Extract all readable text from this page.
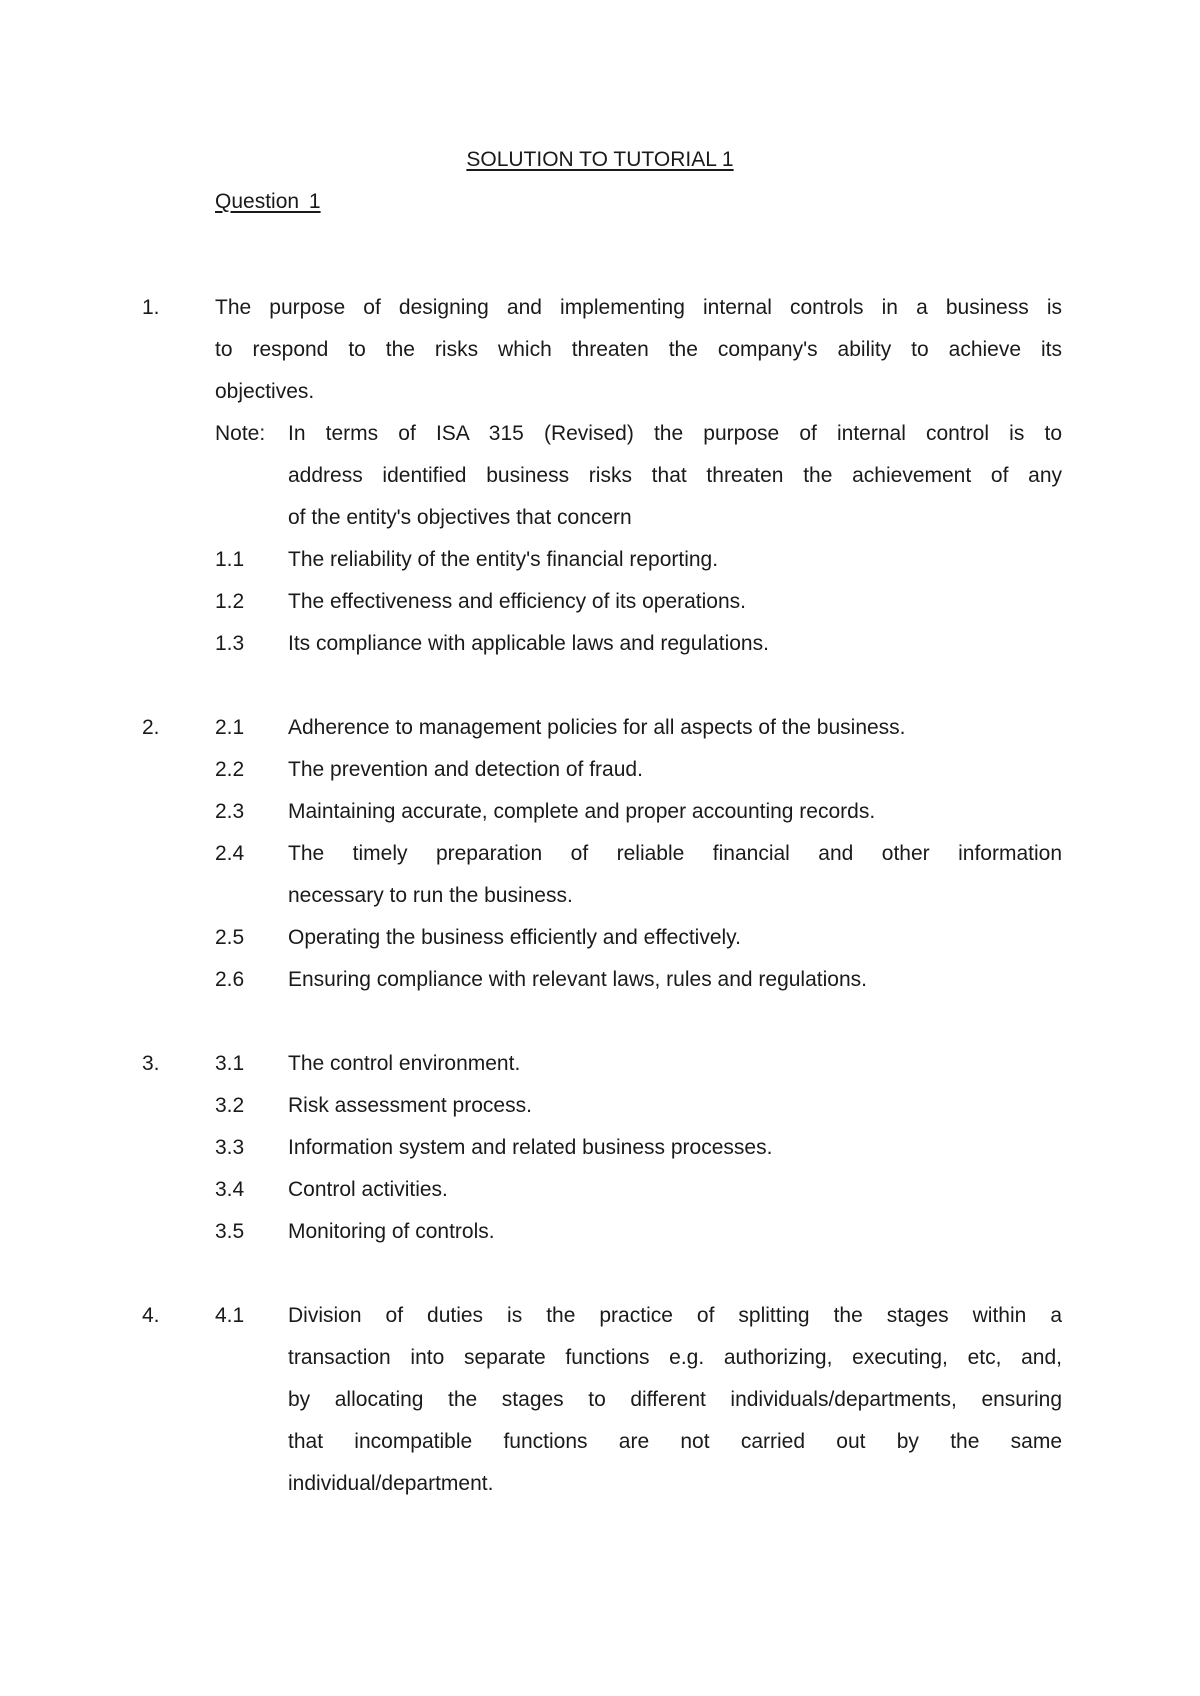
SOLUTION TO TUTORIAL 1
Question 1
1.	The purpose of designing and implementing internal controls in a business is
to respond to the risks which threaten the company's ability to achieve its
objectives.
Note:	In terms of ISA 315 (Revised) the purpose of internal control is to
address identified business risks that threaten the achievement of any
of the entity's objectives that concern
1.1	The reliability of the entity's financial reporting.
1.2	The effectiveness and efficiency of its operations.
1.3	Its compliance with applicable laws and regulations.
2.	2.1	Adherence to management policies for all aspects of the business.
2.2	The prevention and detection of fraud.
2.3	Maintaining accurate, complete and proper accounting records.
2.4	The timely preparation of reliable financial and other information
necessary to run the business.
2.5	Operating the business efficiently and effectively.
2.6	Ensuring compliance with relevant laws, rules and regulations.
3.	3.1	The control environment.
3.2	Risk assessment process.
3.3	Information system and related business processes.
3.4	Control activities.
3.5	Monitoring of controls.
4.	4.1	Division of duties is the practice of splitting the stages within a
transaction into separate functions e.g. authorizing, executing, etc, and,
by allocating the stages to different individuals/departments, ensuring
that incompatible functions are not carried out by the same
individual/department.
